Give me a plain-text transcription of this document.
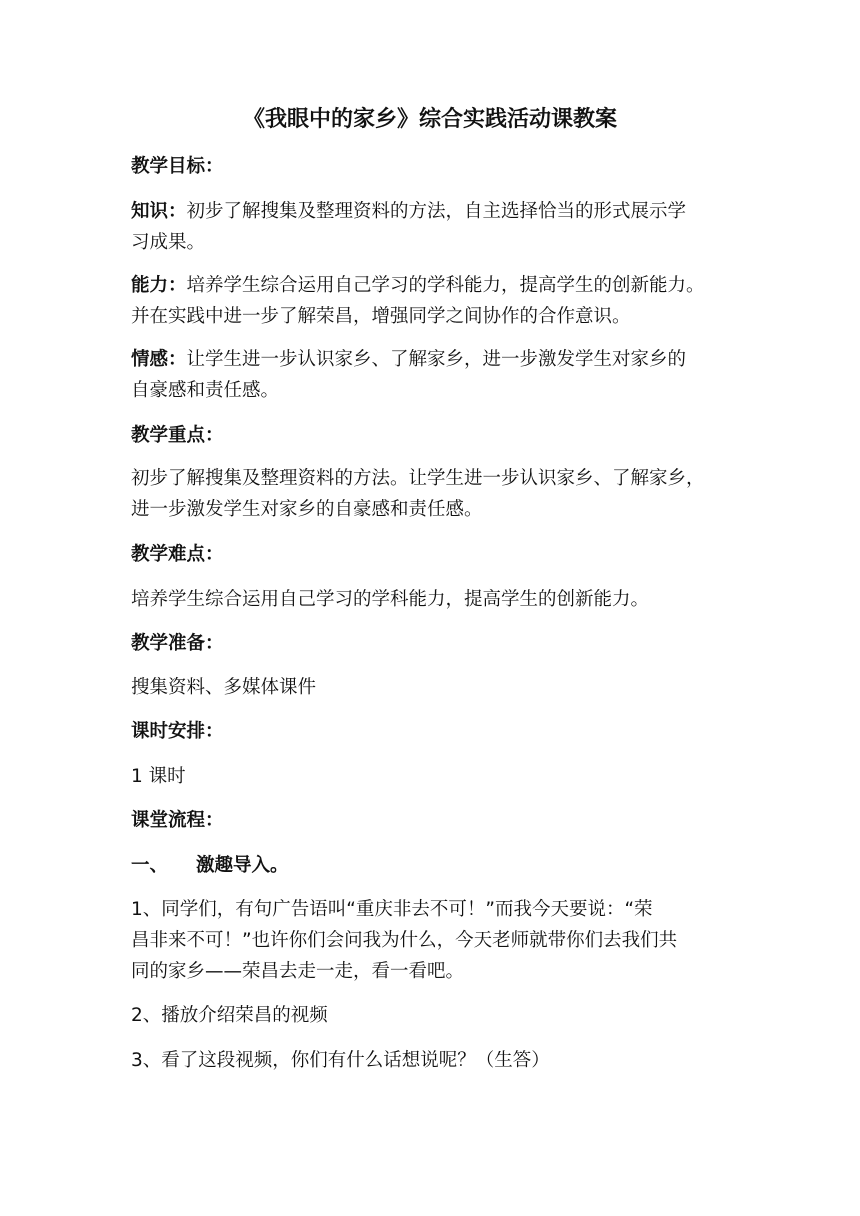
《我眼中的家乡》综合实践活动课教案
教学目标：
知识：初步了解搜集及整理资料的方法，自主选择恰当的形式展示学
习成果。
能力：培养学生综合运用自己学习的学科能力，提高学生的创新能力。
并在实践中进一步了解荣昌，增强同学之间协作的合作意识。
情感：让学生进一步认识家乡、了解家乡，进一步激发学生对家乡的
自豪感和责任感。
教学重点：
初步了解搜集及整理资料的方法。让学生进一步认识家乡、了解家乡，
进一步激发学生对家乡的自豪感和责任感。
教学难点：
培养学生综合运用自己学习的学科能力，提高学生的创新能力。
教学准备：
搜集资料、多媒体课件
课时安排：
1 课时
课堂流程：
一、 激趣导入。
1、同学们，有句广告语叫“重庆非去不可！”而我今天要说：“荣
昌非来不可！”也许你们会问我为什么，今天老师就带你们去我们共
同的家乡——荣昌去走一走，看一看吧。
2、播放介绍荣昌的视频
3、看了这段视频，你们有什么话想说呢？（生答）
